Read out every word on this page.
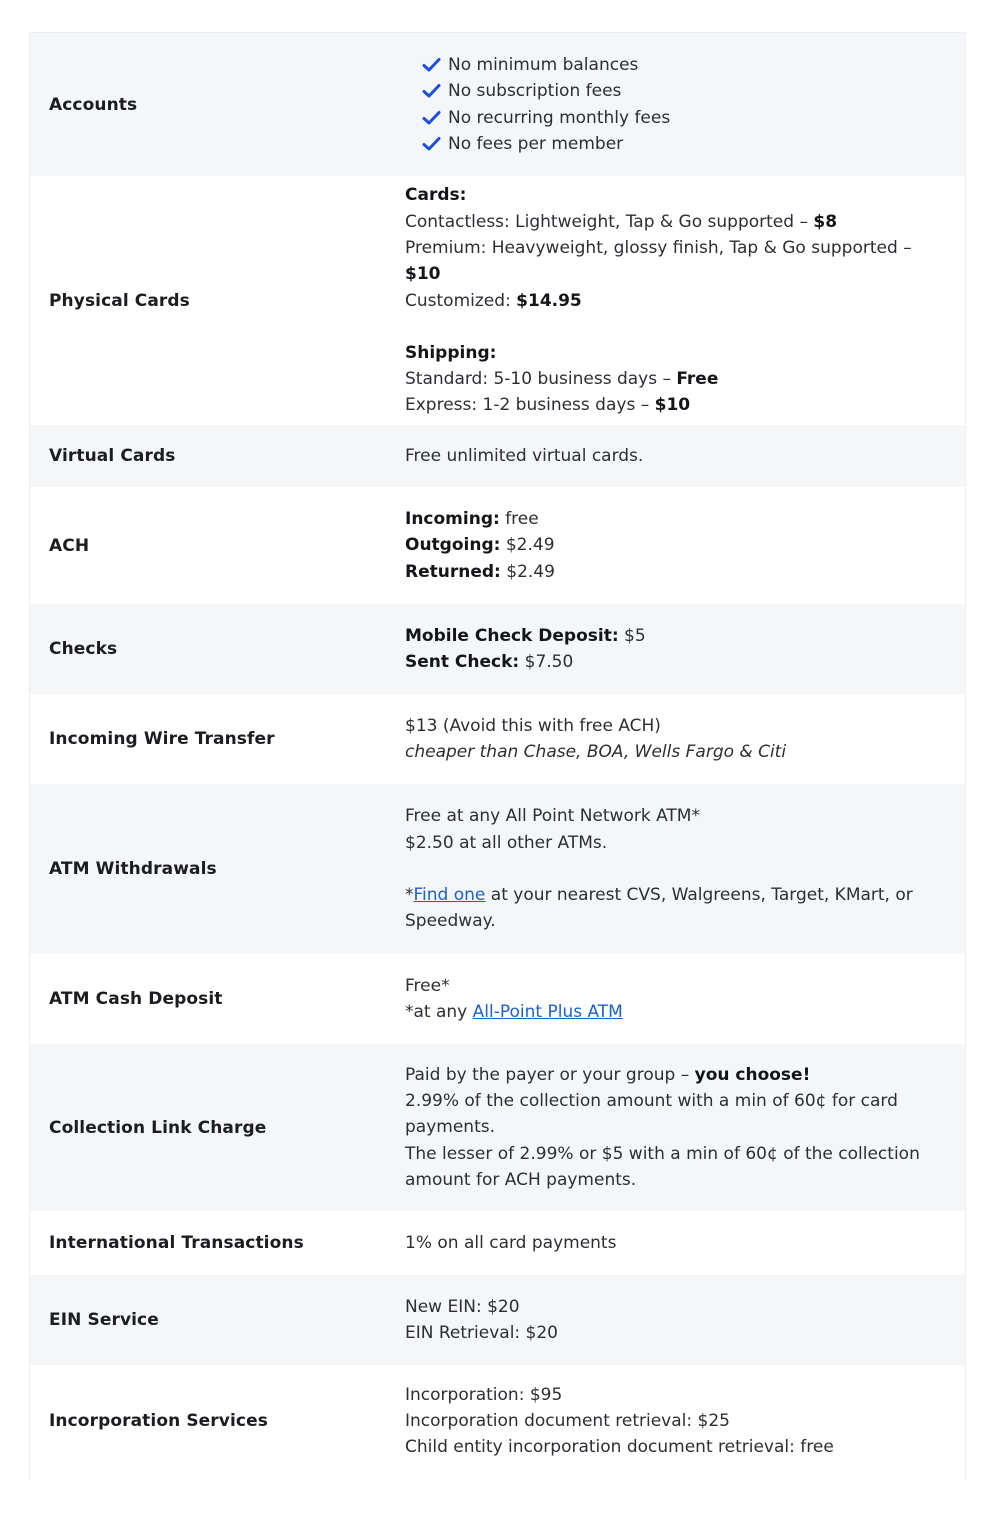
Accounts
No minimum balances
No subscription fees
No recurring monthly fees
No fees per member
Physical Cards
Cards:
Contactless: Lightweight, Tap & Go supported – $8
Premium: Heavyweight, glossy finish, Tap & Go supported – $10
Customized: $14.95
Shipping:
Standard: 5-10 business days – Free
Express: 1-2 business days – $10
Virtual Cards	Free unlimited virtual cards.
ACH
Incoming: free
Outgoing: $2.49
Returned: $2.49
Checks
Mobile Check Deposit: $5
Sent Check: $7.50
Incoming Wire Transfer
$13 (Avoid this with free ACH)
cheaper than Chase, BOA, Wells Fargo & Citi
ATM Withdrawals
Free at any All Point Network ATM*
$2.50 at all other ATMs.
*Find one at your nearest CVS, Walgreens, Target, KMart, or Speedway.
ATM Cash Deposit
Free*
*at any All-Point Plus ATM
Collection Link Charge
Paid by the payer or your group – you choose!
2.99% of the collection amount with a min of 60¢ for card payments.
The lesser of 2.99% or $5 with a min of 60¢ of the collection amount for ACH payments.
International Transactions	1% on all card payments
EIN Service
New EIN: $20
EIN Retrieval: $20
Incorporation Services
Incorporation: $95
Incorporation document retrieval: $25
Child entity incorporation document retrieval: free
